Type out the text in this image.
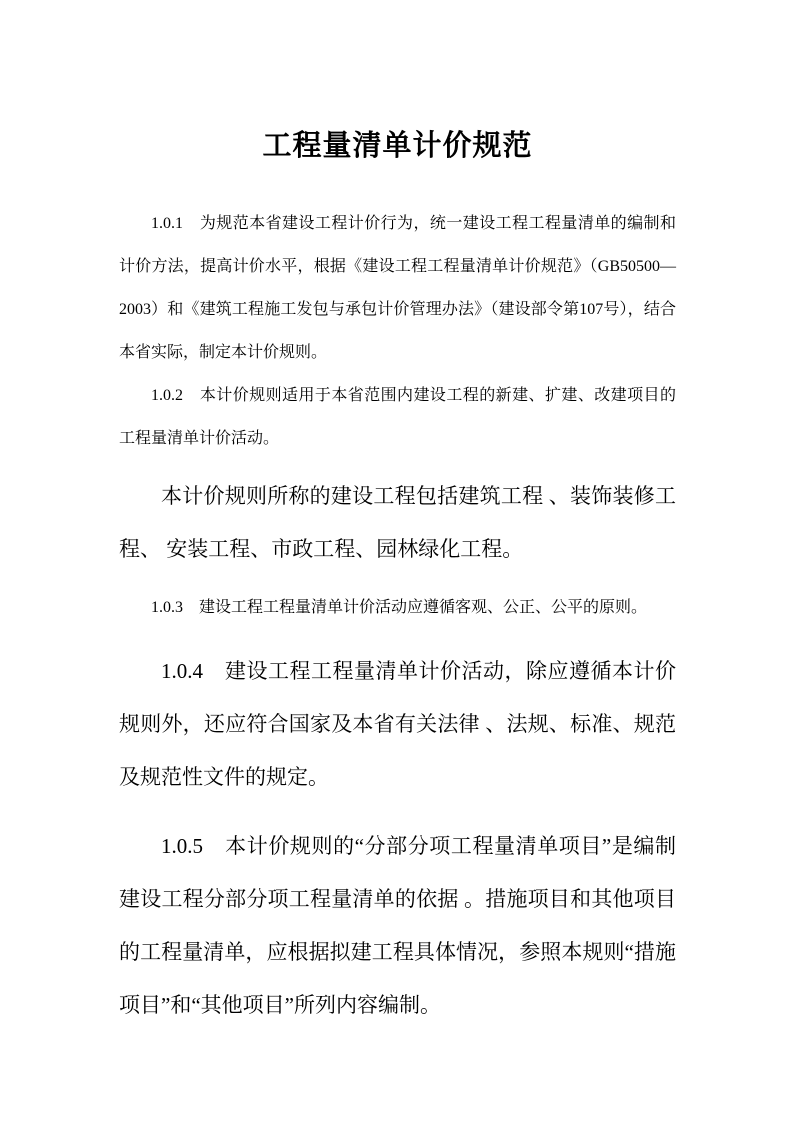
工程量清单计价规范

1.0.1　为规范本省建设工程计价行为，统一建设工程工程量清单的编制和计价方法，提高计价水平，根据《建设工程工程量清单计价规范》（GB50500—2003）和《建筑工程施工发包与承包计价管理办法》（建设部令第107号），结合本省实际，制定本计价规则。

1.0.2　本计价规则适用于本省范围内建设工程的新建、扩建、改建项目的工程量清单计价活动。

本计价规则所称的建设工程包括建筑工程 、装饰装修工程、 安装工程、市政工程、园林绿化工程。

1.0.3　建设工程工程量清单计价活动应遵循客观、公正、公平的原则。

1.0.4　建设工程工程量清单计价活动，除应遵循本计价规则外，还应符合国家及本省有关法律 、法规、标准、规范及规范性文件的规定。

1.0.5　本计价规则的“分部分项工程量清单项目”是编制建设工程分部分项工程量清单的依据 。措施项目和其他项目的工程量清单，应根据拟建工程具体情况，参照本规则“措施项目”和“其他项目”所列内容编制。
